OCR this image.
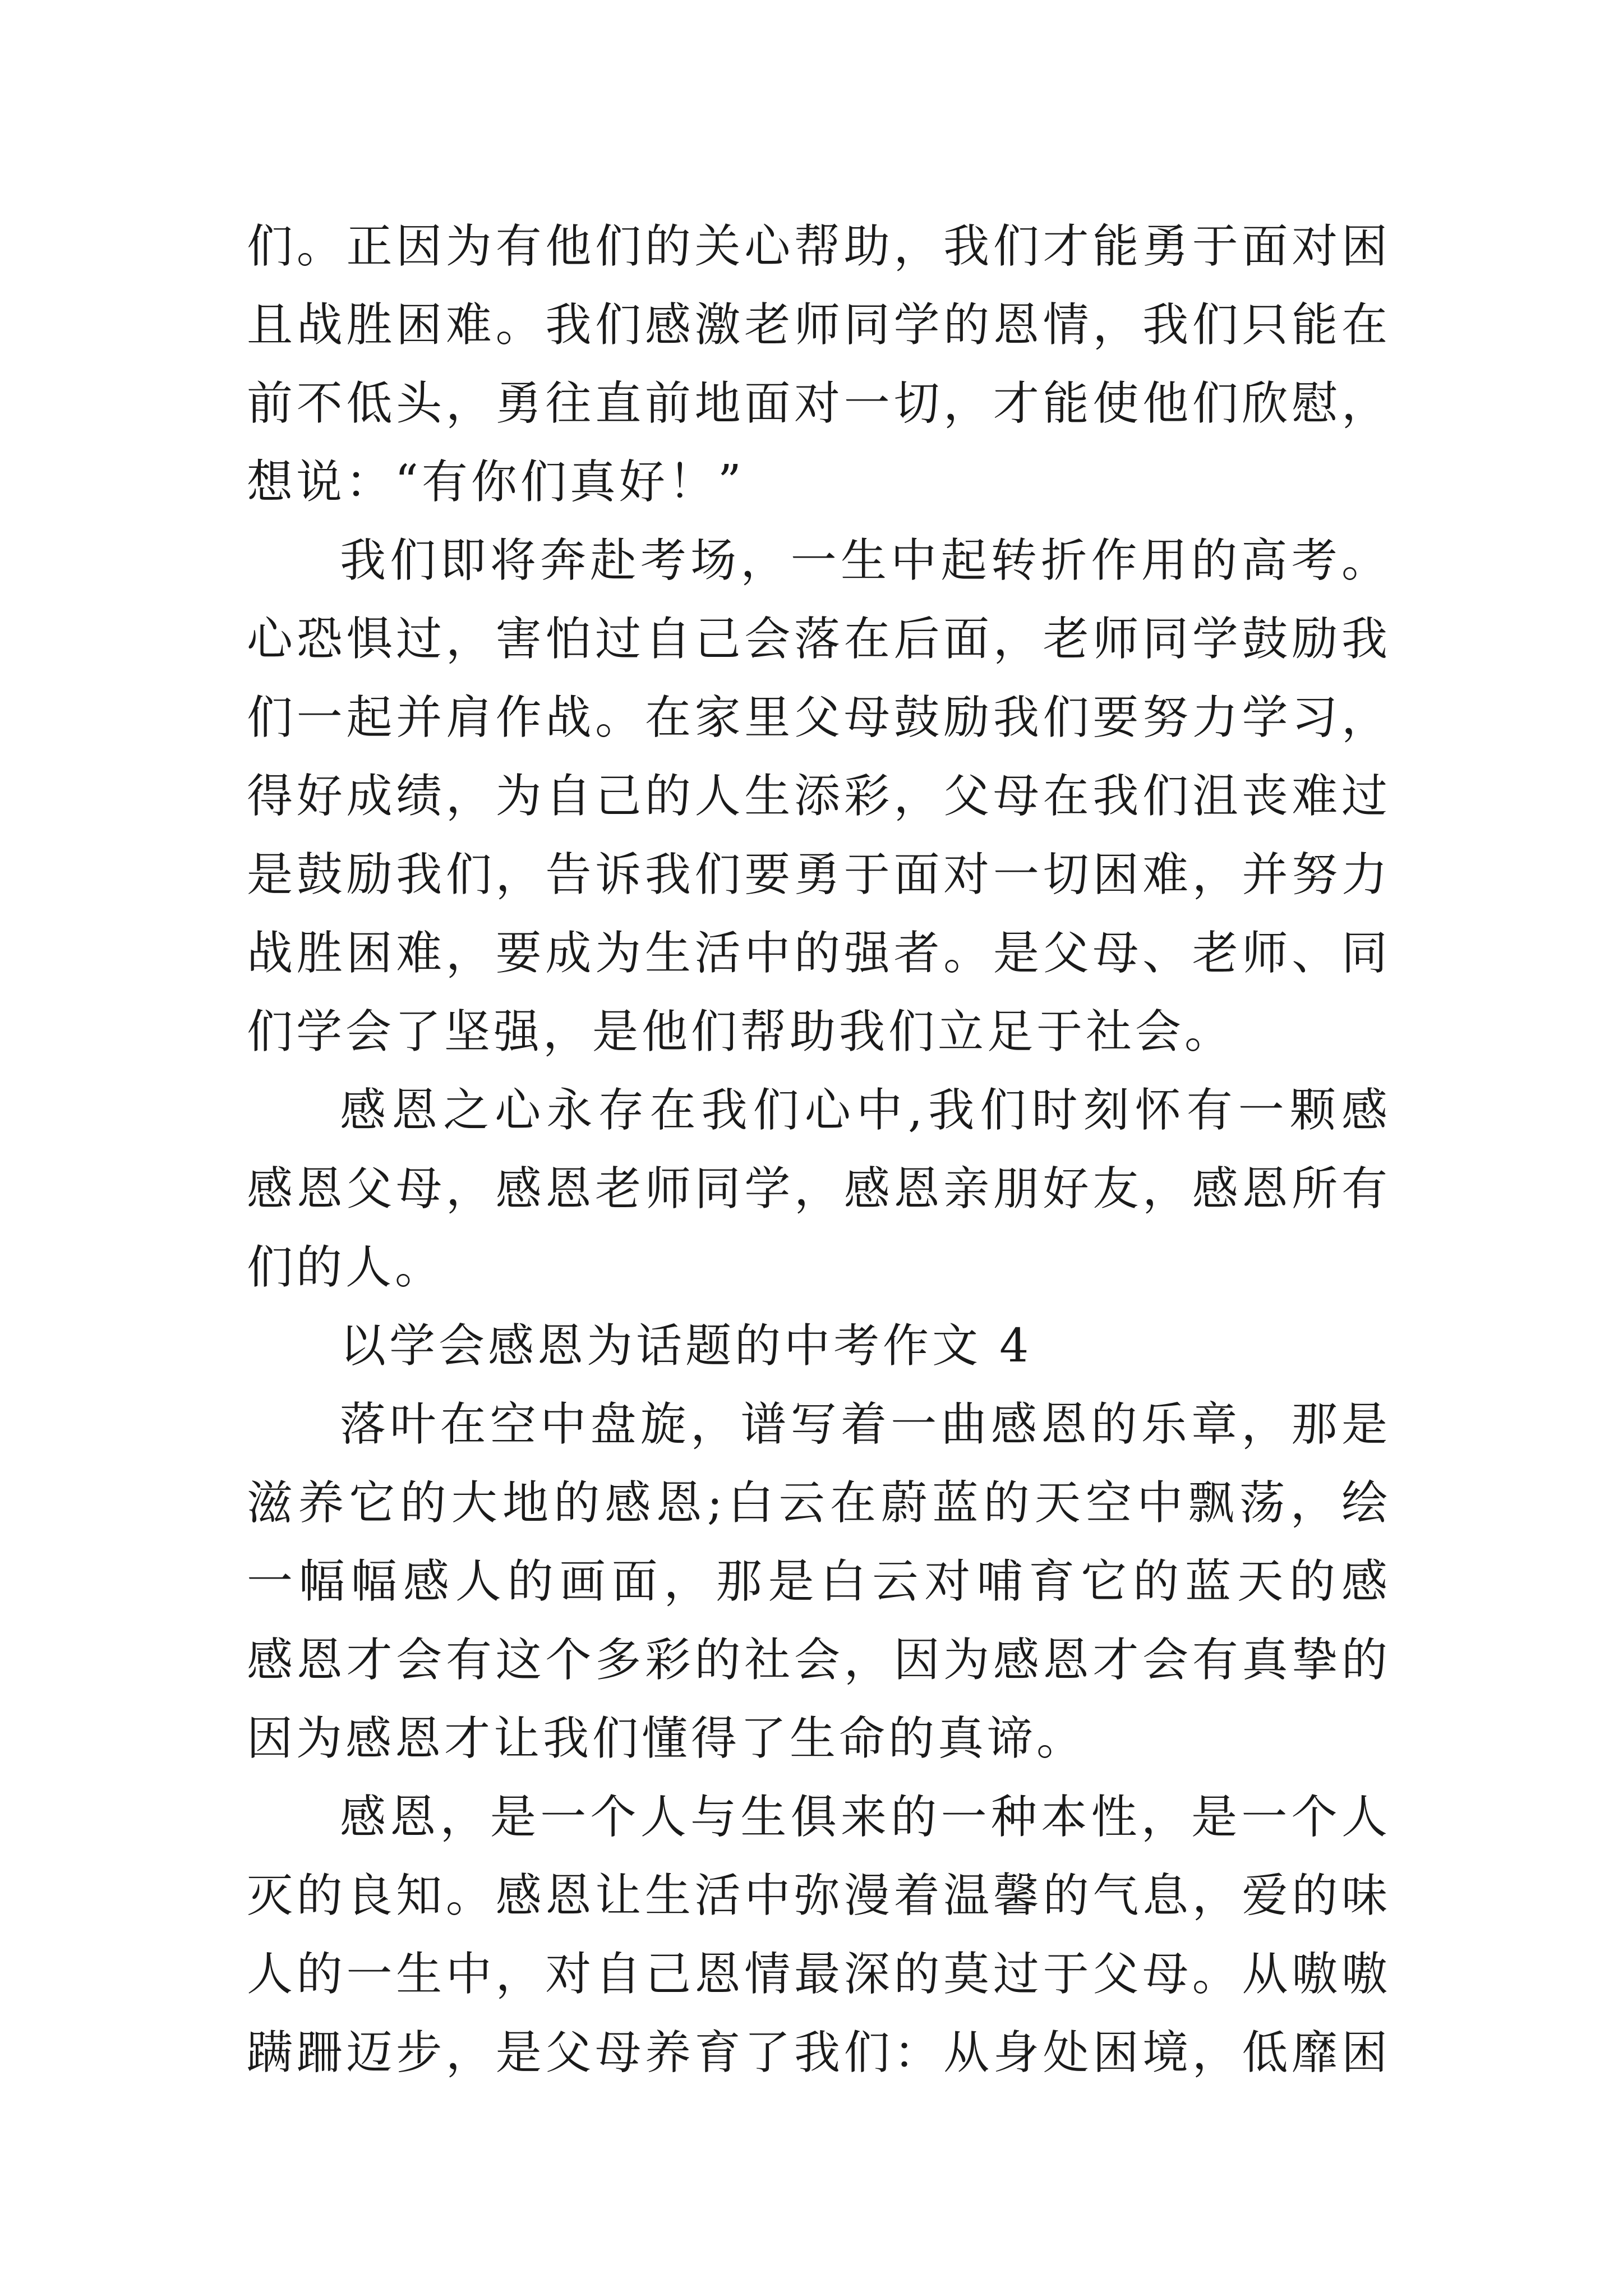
们。正因为有他们的关心帮助，我们才能勇于面对困
且战胜困难。我们感激老师同学的恩情，我们只能在
前不低头，勇往直前地面对一切，才能使他们欣慰，
想说：“有你们真好！”
我们即将奔赴考场，一生中起转折作用的高考。
心恐惧过，害怕过自己会落在后面，老师同学鼓励我
们一起并肩作战。在家里父母鼓励我们要努力学习，
得好成绩，为自己的人生添彩，父母在我们沮丧难过
是鼓励我们，告诉我们要勇于面对一切困难，并努力
战胜困难，要成为生活中的强者。是父母、老师、同
们学会了坚强，是他们帮助我们立足于社会。
感恩之心永存在我们心中,我们时刻怀有一颗感
感恩父母，感恩老师同学，感恩亲朋好友，感恩所有
们的人。
以学会感恩为话题的中考作文 4
落叶在空中盘旋，谱写着一曲感恩的乐章，那是
滋养它的大地的感恩;白云在蔚蓝的天空中飘荡，绘
一幅幅感人的画面，那是白云对哺育它的蓝天的感
感恩才会有这个多彩的社会，因为感恩才会有真挚的
因为感恩才让我们懂得了生命的真谛。
感恩，是一个人与生俱来的一种本性，是一个人
灭的良知。感恩让生活中弥漫着温馨的气息，爱的味
人的一生中，对自己恩情最深的莫过于父母。从嗷嗷
蹒跚迈步，是父母养育了我们：从身处困境，低靡困
